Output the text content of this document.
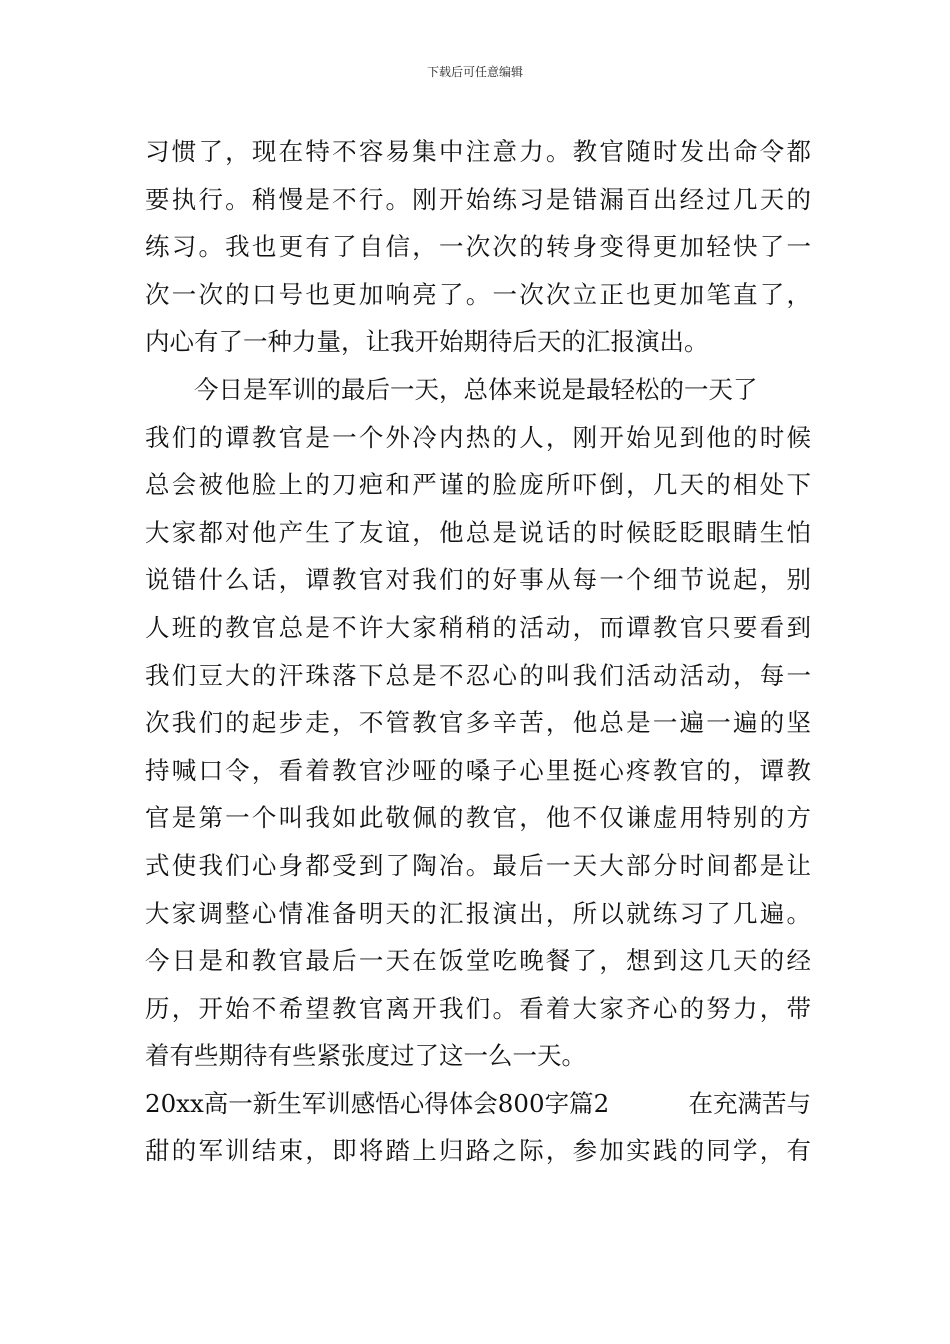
下载后可任意编辑
习惯了，现在特不容易集中注意力。教官随时发出命令都
要执行。稍慢是不行。刚开始练习是错漏百出经过几天的
练习。我也更有了自信，一次次的转身变得更加轻快了一
次一次的口号也更加响亮了。一次次立正也更加笔直了，
内心有了一种力量，让我开始期待后天的汇报演出。
今日是军训的最后一天，总体来说是最轻松的一天了
我们的谭教官是一个外冷内热的人，刚开始见到他的时候
总会被他脸上的刀疤和严谨的脸庞所吓倒，几天的相处下
大家都对他产生了友谊，他总是说话的时候眨眨眼睛生怕
说错什么话，谭教官对我们的好事从每一个细节说起，别
人班的教官总是不许大家稍稍的活动，而谭教官只要看到
我们豆大的汗珠落下总是不忍心的叫我们活动活动，每一
次我们的起步走，不管教官多辛苦，他总是一遍一遍的坚
持喊口令，看着教官沙哑的嗓子心里挺心疼教官的，谭教
官是第一个叫我如此敬佩的教官，他不仅谦虚用特别的方
式使我们心身都受到了陶冶。最后一天大部分时间都是让
大家调整心情准备明天的汇报演出，所以就练习了几遍。
今日是和教官最后一天在饭堂吃晚餐了，想到这几天的经
历，开始不希望教官离开我们。看着大家齐心的努力，带
着有些期待有些紧张度过了这一么一天。
20xx高一新生军训感悟心得体会800字篇2	在充满苦与
甜的军训结束，即将踏上归路之际，参加实践的同学，有
